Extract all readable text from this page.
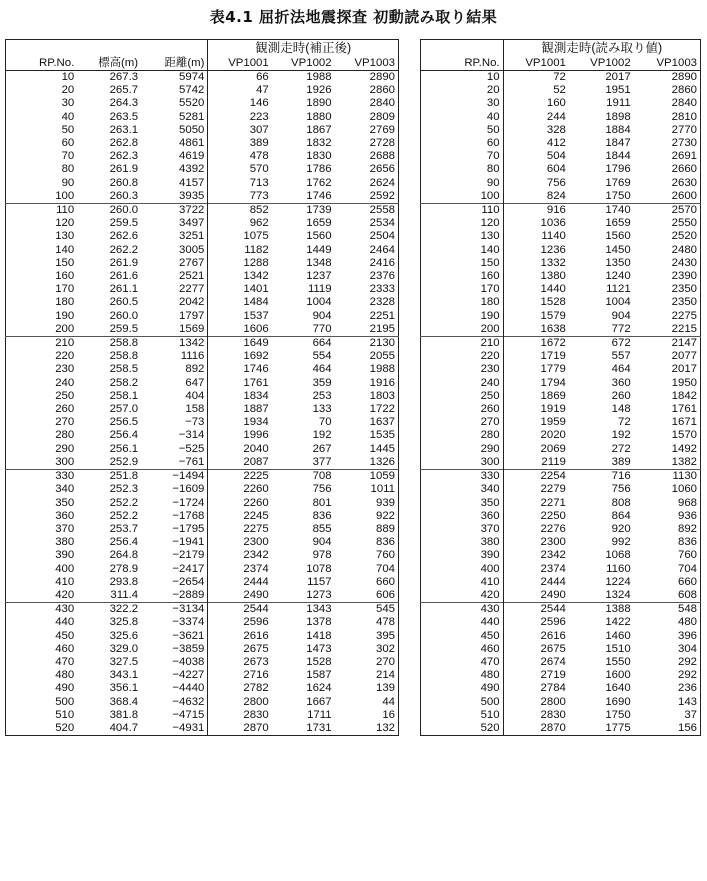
表4.1 屈折法地震探査 初動読み取り結果
			観測走時(補正後)		
RP.No.	標高(m)	距離(m)	VP1001	VP1002	VP1003
10	267.3	5974	66	1988	2890
20	265.7	5742	47	1926	2860
30	264.3	5520	146	1890	2840
40	263.5	5281	223	1880	2809
50	263.1	5050	307	1867	2769
60	262.8	4861	389	1832	2728
70	262.3	4619	478	1830	2688
80	261.9	4392	570	1786	2656
90	260.8	4157	713	1762	2624
100	260.3	3935	773	1746	2592
110	260.0	3722	852	1739	2558
120	259.5	3497	962	1659	2534
130	262.6	3251	1075	1560	2504
140	262.2	3005	1182	1449	2464
150	261.9	2767	1288	1348	2416
160	261.6	2521	1342	1237	2376
170	261.1	2277	1401	1119	2333
180	260.5	2042	1484	1004	2328
190	260.0	1797	1537	904	2251
200	259.5	1569	1606	770	2195
210	258.8	1342	1649	664	2130
220	258.8	1116	1692	554	2055
230	258.5	892	1746	464	1988
240	258.2	647	1761	359	1916
250	258.1	404	1834	253	1803
260	257.0	158	1887	133	1722
270	256.5	−73	1934	70	1637
280	256.4	−314	1996	192	1535
290	256.1	−525	2040	267	1445
300	252.9	−761	2087	377	1326
330	251.8	−1494	2225	708	1059
340	252.3	−1609	2260	756	1011
350	252.2	−1724	2260	801	939
360	252.2	−1768	2245	836	922
370	253.7	−1795	2275	855	889
380	256.4	−1941	2300	904	836
390	264.8	−2179	2342	978	760
400	278.9	−2417	2374	1078	704
410	293.8	−2654	2444	1157	660
420	311.4	−2889	2490	1273	606
430	322.2	−3134	2544	1343	545
440	325.8	−3374	2596	1378	478
450	325.6	−3621	2616	1418	395
460	329.0	−3859	2675	1473	302
470	327.5	−4038	2673	1528	270
480	343.1	−4227	2716	1587	214
490	356.1	−4440	2782	1624	139
500	368.4	−4632	2800	1667	44
510	381.8	−4715	2830	1711	16
520	404.7	−4931	2870	1731	132
	観測走時(読み取り値)		
RP.No.	VP1001	VP1002	VP1003
10	72	2017	2890
20	52	1951	2860
30	160	1911	2840
40	244	1898	2810
50	328	1884	2770
60	412	1847	2730
70	504	1844	2691
80	604	1796	2660
90	756	1769	2630
100	824	1750	2600
110	916	1740	2570
120	1036	1659	2550
130	1140	1560	2520
140	1236	1450	2480
150	1332	1350	2430
160	1380	1240	2390
170	1440	1121	2350
180	1528	1004	2350
190	1579	904	2275
200	1638	772	2215
210	1672	672	2147
220	1719	557	2077
230	1779	464	2017
240	1794	360	1950
250	1869	260	1842
260	1919	148	1761
270	1959	72	1671
280	2020	192	1570
290	2069	272	1492
300	2119	389	1382
330	2254	716	1130
340	2279	756	1060
350	2271	808	968
360	2250	864	936
370	2276	920	892
380	2300	992	836
390	2342	1068	760
400	2374	1160	704
410	2444	1224	660
420	2490	1324	608
430	2544	1388	548
440	2596	1422	480
450	2616	1460	396
460	2675	1510	304
470	2674	1550	292
480	2719	1600	292
490	2784	1640	236
500	2800	1690	143
510	2830	1750	37
520	2870	1775	156
